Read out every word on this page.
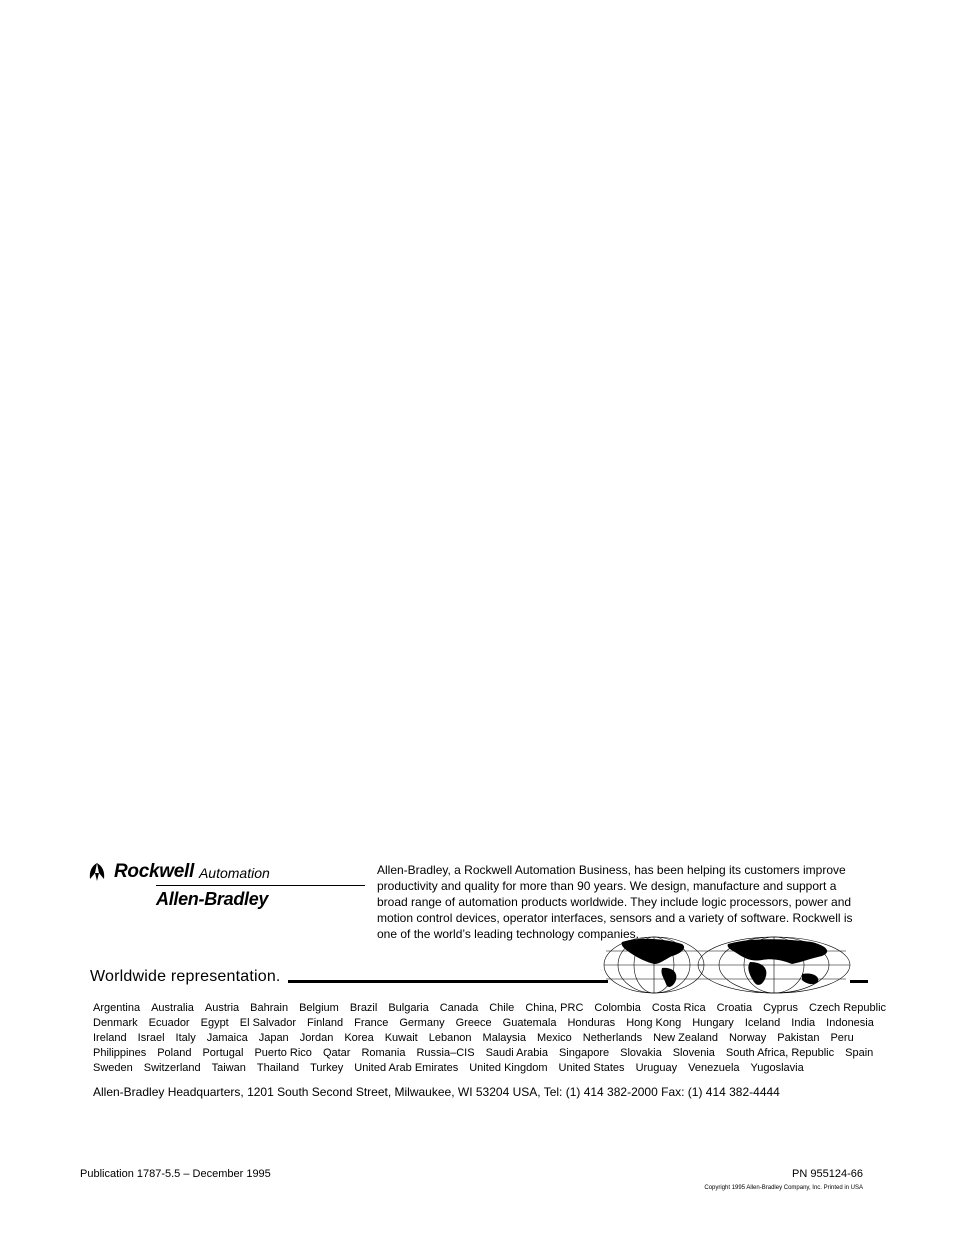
Rockwell Automation
Allen-Bradley
Allen-Bradley, a Rockwell Automation Business, has been helping its customers improve productivity and quality for more than 90 years. We design, manufacture and support a broad range of automation products worldwide. They include logic processors, power and motion control devices, operator interfaces, sensors and a variety of software. Rockwell is one of the world’s leading technology companies.
Worldwide representation.
Argentina Australia Austria Bahrain Belgium Brazil Bulgaria Canada Chile China, PRC Colombia Costa Rica Croatia Cyprus Czech Republic
Denmark Ecuador Egypt El Salvador Finland France Germany Greece Guatemala Honduras Hong Kong Hungary Iceland India Indonesia
Ireland Israel Italy Jamaica Japan Jordan Korea Kuwait Lebanon Malaysia Mexico Netherlands New Zealand Norway Pakistan Peru
Philippines Poland Portugal Puerto Rico Qatar Romania Russia–CIS Saudi Arabia Singapore Slovakia Slovenia South Africa, Republic Spain
Sweden Switzerland Taiwan Thailand Turkey United Arab Emirates United Kingdom United States Uruguay Venezuela Yugoslavia
Allen-Bradley Headquarters, 1201 South Second Street, Milwaukee, WI 53204 USA, Tel: (1) 414 382-2000 Fax: (1) 414 382-4444
Publication 1787-5.5 – December 1995	PN 955124-66
Copyright 1995 Allen-Bradley Company, Inc. Printed in USA
